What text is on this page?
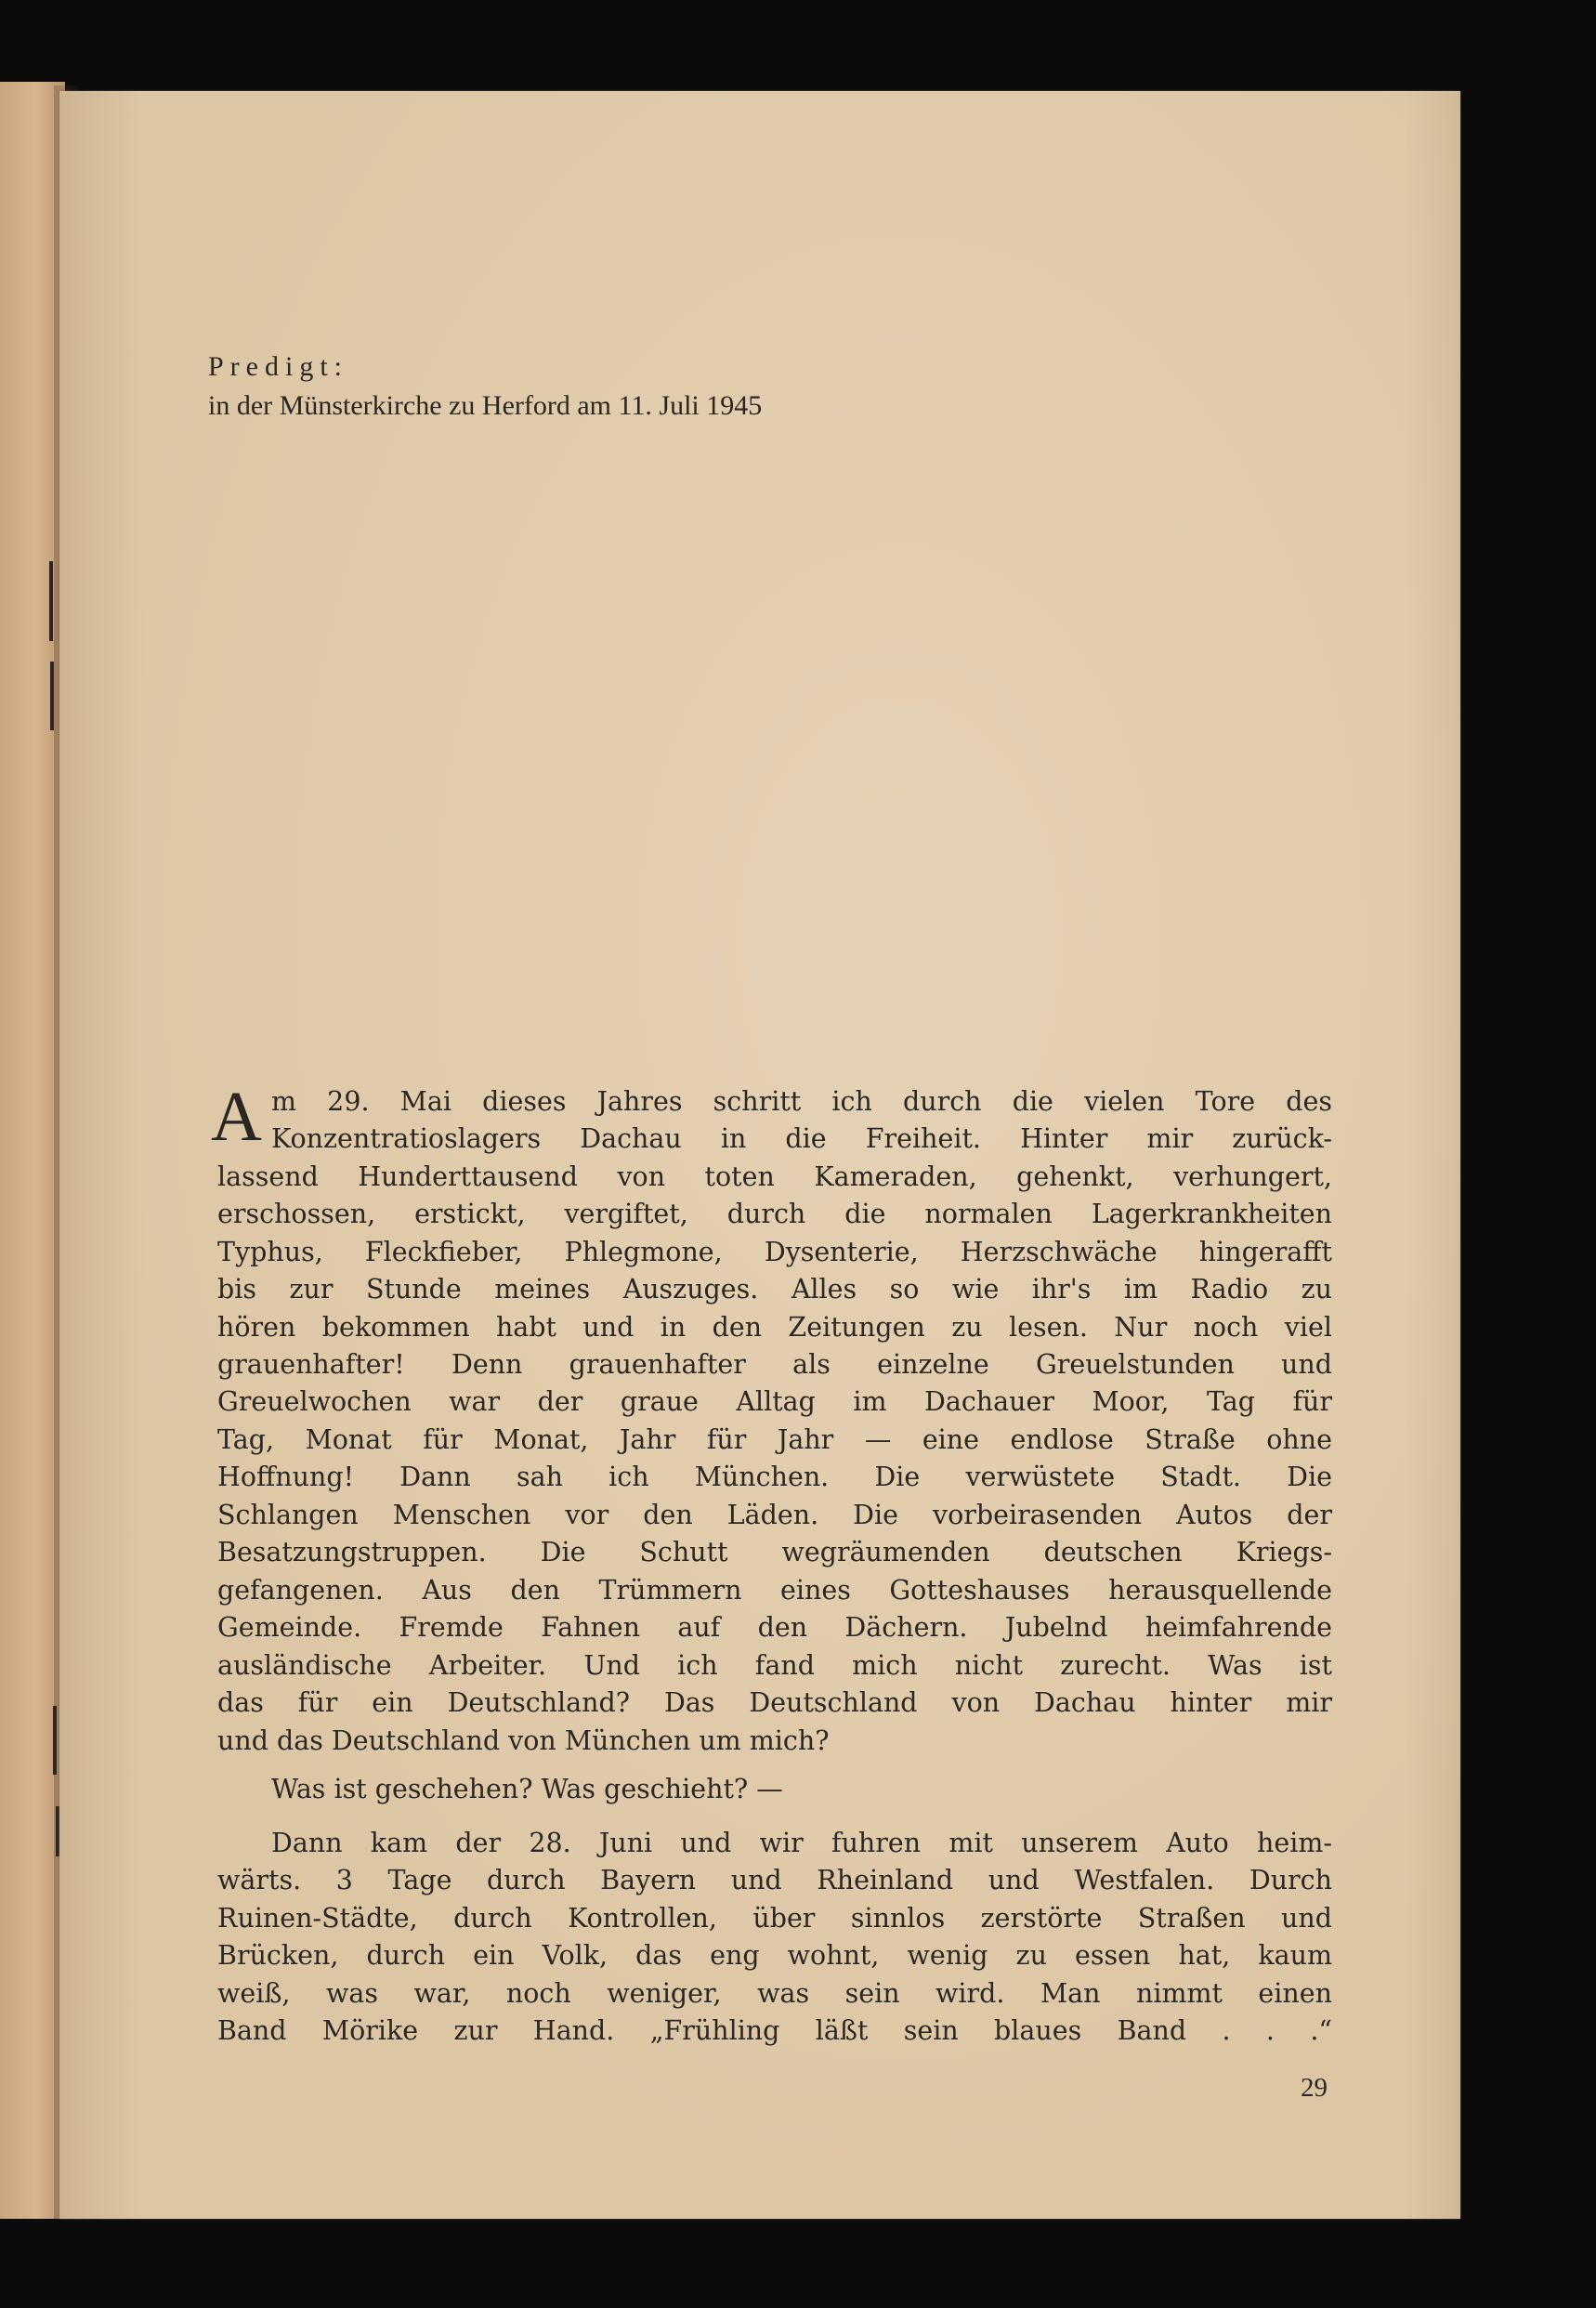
Predigt:
in der Münsterkirche zu Herford am 11. Juli 1945
A m 29. Mai dieses Jahres schritt ich durch die vielen Tore des
Konzentratioslagers Dachau in die Freiheit. Hinter mir zurück-
lassend Hunderttausend von toten Kameraden, gehenkt, verhungert,
erschossen, erstickt, vergiftet, durch die normalen Lagerkrankheiten
Typhus, Fleckfieber, Phlegmone, Dysenterie, Herzschwäche hingerafft
bis zur Stunde meines Auszuges. Alles so wie ihr's im Radio zu
hören bekommen habt und in den Zeitungen zu lesen. Nur noch viel
grauenhafter! Denn grauenhafter als einzelne Greuelstunden und
Greuelwochen war der graue Alltag im Dachauer Moor, Tag für
Tag, Monat für Monat, Jahr für Jahr — eine endlose Straße ohne
Hoffnung! Dann sah ich München. Die verwüstete Stadt. Die
Schlangen Menschen vor den Läden. Die vorbeirasenden Autos der
Besatzungstruppen. Die Schutt wegräumenden deutschen Kriegs-
gefangenen. Aus den Trümmern eines Gotteshauses herausquellende
Gemeinde. Fremde Fahnen auf den Dächern. Jubelnd heimfahrende
ausländische Arbeiter. Und ich fand mich nicht zurecht. Was ist
das für ein Deutschland? Das Deutschland von Dachau hinter mir
und das Deutschland von München um mich?
Was ist geschehen? Was geschieht? —
Dann kam der 28. Juni und wir fuhren mit unserem Auto heim-
wärts. 3 Tage durch Bayern und Rheinland und Westfalen. Durch
Ruinen-Städte, durch Kontrollen, über sinnlos zerstörte Straßen und
Brücken, durch ein Volk, das eng wohnt, wenig zu essen hat, kaum
weiß, was war, noch weniger, was sein wird. Man nimmt einen
Band Mörike zur Hand. „Frühling läßt sein blaues Band . . .“
29
